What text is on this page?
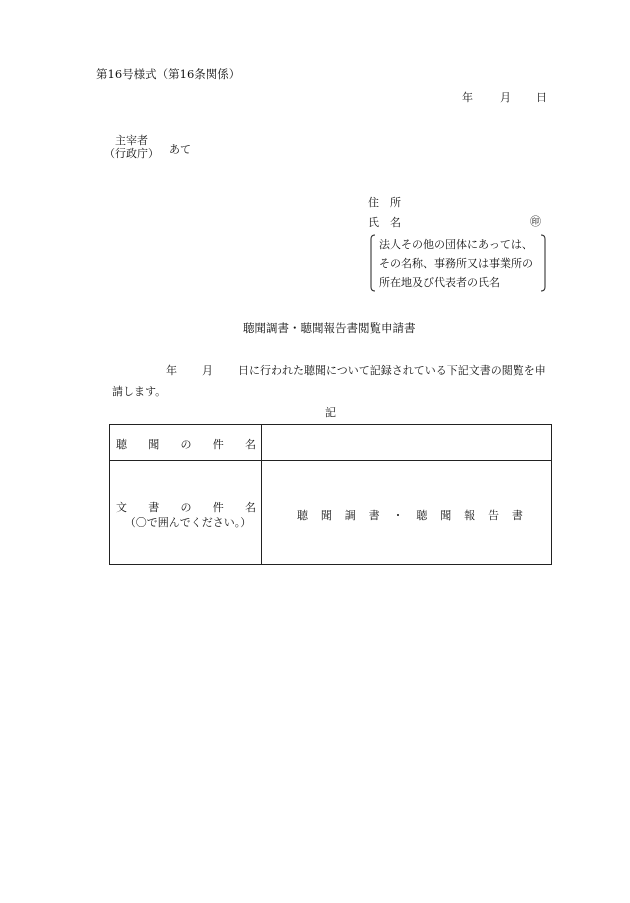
第16号様式（第16条関係）
年 月 日
主宰者
（行政庁） あて
住　所
氏　名	㊞
法人その他の団体にあっては、
その名称、事務所又は事業所の
所在地及び代表者の氏名
聴聞調書・聴聞報告書閲覧申請書
年 月 日に行われた聴聞について記録されている下記文書の閲覧を申
請します。
記
聴 聞 の 件 名
文 書 の 件 名
（〇で囲んでください。）
聴 聞 調 書 ・ 聴 聞 報 告 書
